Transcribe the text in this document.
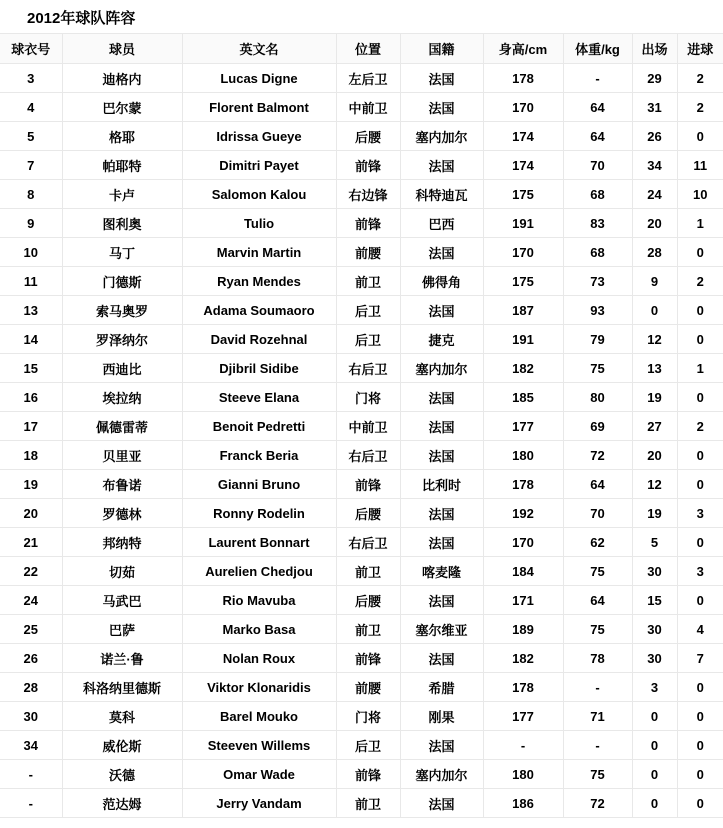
2012年球队阵容
球衣号	球员	英文名	位置	国籍	身高/cm	体重/kg	出场	进球
3	迪格内	Lucas Digne	左后卫	法国	178	-	29	2
4	巴尔蒙	Florent Balmont	中前卫	法国	170	64	31	2
5	格耶	Idrissa Gueye	后腰	塞内加尔	174	64	26	0
7	帕耶特	Dimitri Payet	前锋	法国	174	70	34	11
8	卡卢	Salomon Kalou	右边锋	科特迪瓦	175	68	24	10
9	图利奥	Tulio	前锋	巴西	191	83	20	1
10	马丁	Marvin Martin	前腰	法国	170	68	28	0
11	门德斯	Ryan Mendes	前卫	佛得角	175	73	9	2
13	索马奥罗	Adama Soumaoro	后卫	法国	187	93	0	0
14	罗泽纳尔	David Rozehnal	后卫	捷克	191	79	12	0
15	西迪比	Djibril Sidibe	右后卫	塞内加尔	182	75	13	1
16	埃拉纳	Steeve Elana	门将	法国	185	80	19	0
17	佩德雷蒂	Benoit Pedretti	中前卫	法国	177	69	27	2
18	贝里亚	Franck Beria	右后卫	法国	180	72	20	0
19	布鲁诺	Gianni Bruno	前锋	比利时	178	64	12	0
20	罗德林	Ronny Rodelin	后腰	法国	192	70	19	3
21	邦纳特	Laurent Bonnart	右后卫	法国	170	62	5	0
22	切茹	Aurelien Chedjou	前卫	喀麦隆	184	75	30	3
24	马武巴	Rio Mavuba	后腰	法国	171	64	15	0
25	巴萨	Marko Basa	前卫	塞尔维亚	189	75	30	4
26	诺兰·鲁	Nolan Roux	前锋	法国	182	78	30	7
28	科洛纳里德斯	Viktor Klonaridis	前腰	希腊	178	-	3	0
30	莫科	Barel Mouko	门将	刚果	177	71	0	0
34	威伦斯	Steeven Willems	后卫	法国	-	-	0	0
-	沃德	Omar Wade	前锋	塞内加尔	180	75	0	0
-	范达姆	Jerry Vandam	前卫	法国	186	72	0	0
